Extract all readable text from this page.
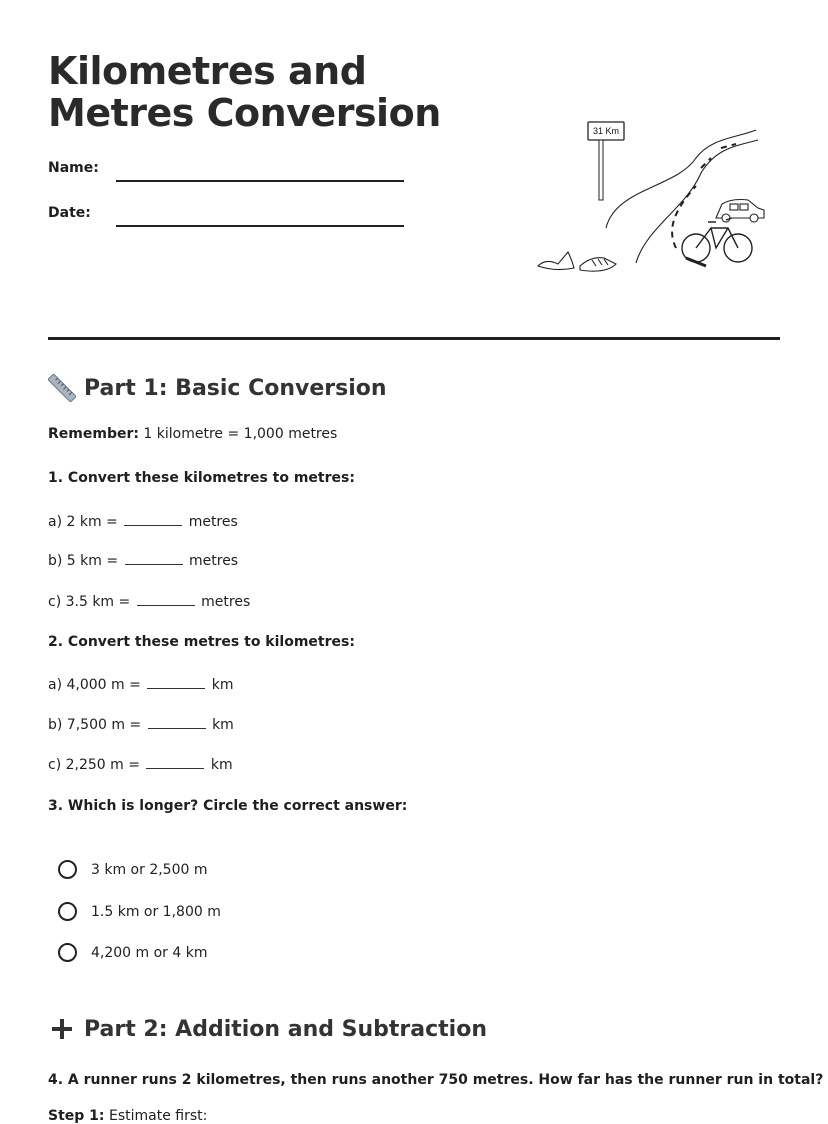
Kilometres and Metres Conversion
Name:
Date:
31 Km
Part 1: Basic Conversion
Remember: 1 kilometre = 1,000 metres
1. Convert these kilometres to metres:
a) 2 km =	metres
b) 5 km =	metres
c) 3.5 km =	metres
2. Convert these metres to kilometres:
a) 4,000 m =	km
b) 7,500 m =	km
c) 2,250 m =	km
3. Which is longer? Circle the correct answer:
3 km or 2,500 m
1.5 km or 1,800 m
4,200 m or 4 km
Part 2: Addition and Subtraction
4. A runner runs 2 kilometres, then runs another 750 metres. How far has the runner run in total?
Step 1: Estimate first:
